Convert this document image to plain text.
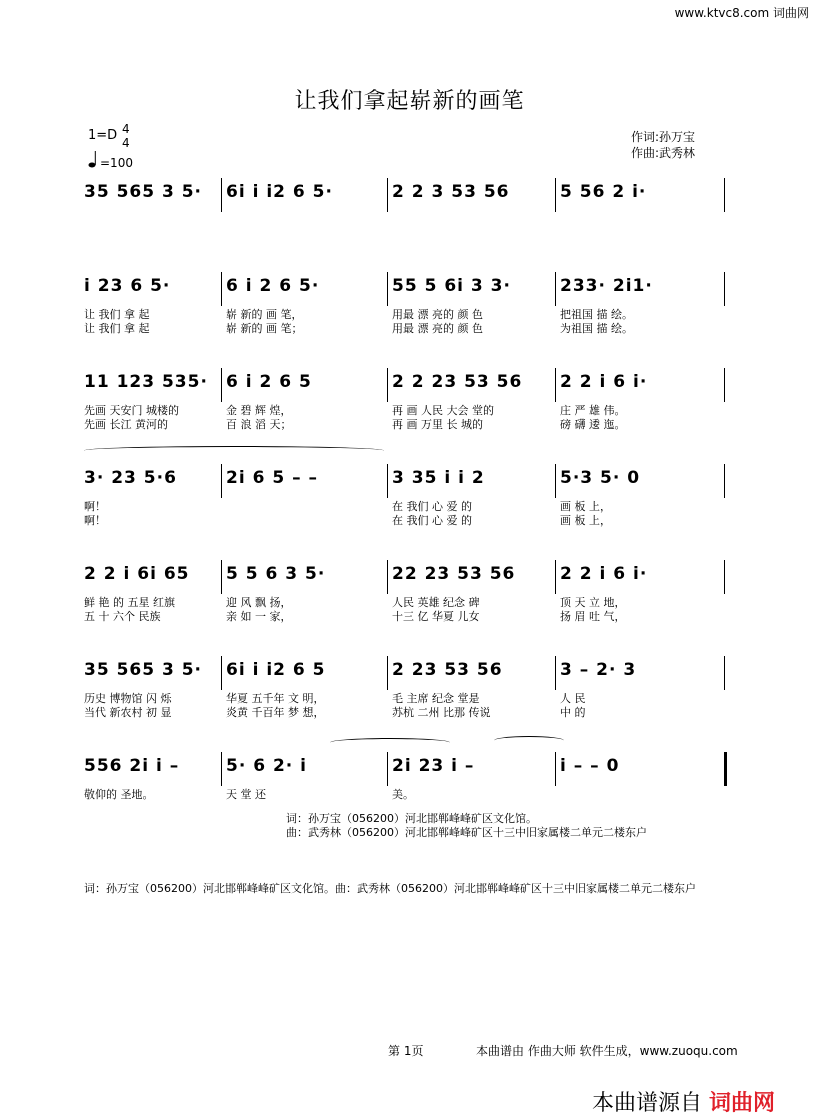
www.ktvc8.com 词曲网
让我们拿起崭新的画笔
1=D 4
4
=100
作词:孙万宝
作曲:武秀林
35 565 3 5· 6i i i2 6 5·	2 2 3 53 56	5 56 2 i·
i 23 6 5·
让 我们 拿 起
让 我们 拿 起
6 i 2 6 5·
崭 新的 画 笔，
崭 新的 画 笔；
55 5 6i 3 3·
用最 漂 亮的 颜 色
用最 漂 亮的 颜 色
233· 2i1·
把祖国 描 绘。
为祖国 描 绘。
11 123 535·
先画 天安门 城楼的
先画 长江 黄河的
6 i 2 6 5
金 碧 辉 煌，
百 浪 滔 天；
2 2 23 53 56
再 画 人民 大会 堂的
再 画 万里 长 城的
2 2 i 6 i·
庄 严 雄 伟。
磅 礴 逶 迤。
3· 23 5·6
啊！
啊！
2i 6 5 – –	3 35 i i 2
在 我们 心 爱 的
在 我们 心 爱 的
5·3 5· 0
画 板 上，
画 板 上，
2 2 i 6i 65
鲜 艳 的 五星 红旗
五 十 六个 民族
5 5 6 3 5·
迎 风 飘 扬，
亲 如 一 家，
22 23 53 56
人民 英雄 纪念 碑
十三 亿 华夏 儿女
2 2 i 6 i·
顶 天 立 地，
扬 眉 吐 气，
35 565 3 5·
历史 博物馆 闪 烁
当代 新农村 初 显
6i i i2 6 5
华夏 五千年 文 明，
炎黄 千百年 梦 想，
2 23 53 56
毛 主席 纪念 堂是
苏杭 二州 比那 传说
3 – 2· 3
人 民
中 的
556 2i i –
敬仰的 圣地。
5· 6 2· i
天 堂 还
2i 23 i –
美。
i – – 0
词：孙万宝（056200）河北邯郸峰峰矿区文化馆。
曲：武秀林（056200）河北邯郸峰峰矿区十三中旧家属楼二单元二楼东户
词：孙万宝（056200）河北邯郸峰峰矿区文化馆。曲：武秀林（056200）河北邯郸峰峰矿区十三中旧家属楼二单元二楼东户
第 1页	本曲谱由 作曲大师 软件生成，www.zuoqu.com
本曲谱源自 词曲网
